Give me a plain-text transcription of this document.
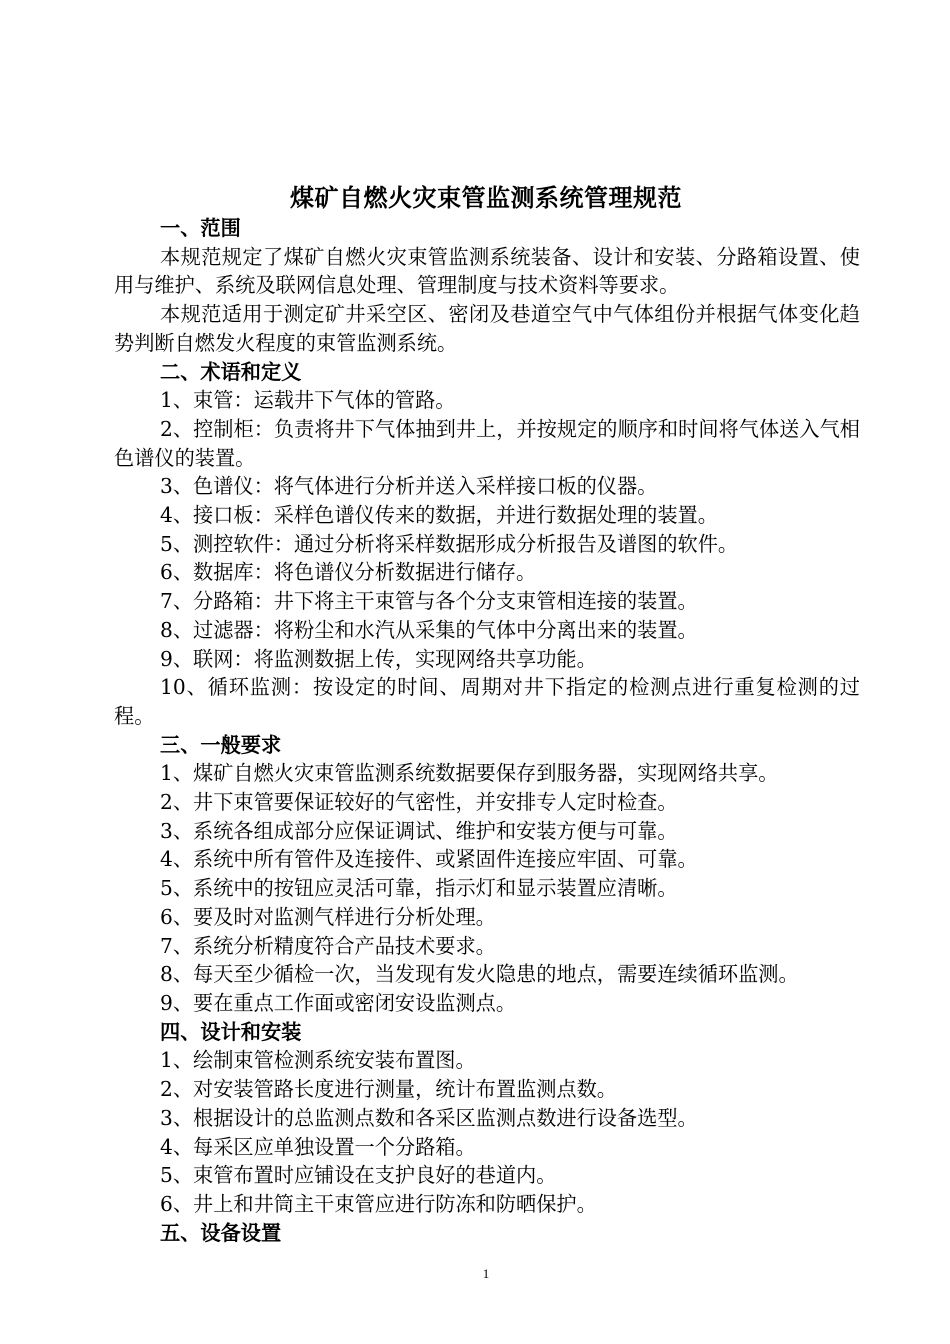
煤矿自燃火灾束管监测系统管理规范

一、范围

本规范规定了煤矿自燃火灾束管监测系统装备、设计和安装、分路箱设置、使用与维护、系统及联网信息处理、管理制度与技术资料等要求。

本规范适用于测定矿井采空区、密闭及巷道空气中气体组份并根据气体变化趋势判断自燃发火程度的束管监测系统。

二、术语和定义

1、束管：运载井下气体的管路。

2、控制柜：负责将井下气体抽到井上，并按规定的顺序和时间将气体送入气相色谱仪的装置。

3、色谱仪：将气体进行分析并送入采样接口板的仪器。

4、接口板：采样色谱仪传来的数据，并进行数据处理的装置。

5、测控软件：通过分析将采样数据形成分析报告及谱图的软件。

6、数据库：将色谱仪分析数据进行储存。

7、分路箱：井下将主干束管与各个分支束管相连接的装置。

8、过滤器：将粉尘和水汽从采集的气体中分离出来的装置。

9、联网：将监测数据上传，实现网络共享功能。

10、循环监测：按设定的时间、周期对井下指定的检测点进行重复检测的过程。

三、一般要求

1、煤矿自燃火灾束管监测系统数据要保存到服务器，实现网络共享。

2、井下束管要保证较好的气密性，并安排专人定时检查。

3、系统各组成部分应保证调试、维护和安装方便与可靠。

4、系统中所有管件及连接件、或紧固件连接应牢固、可靠。

5、系统中的按钮应灵活可靠，指示灯和显示装置应清晰。

6、要及时对监测气样进行分析处理。

7、系统分析精度符合产品技术要求。

8、每天至少循检一次，当发现有发火隐患的地点，需要连续循环监测。

9、要在重点工作面或密闭安设监测点。

四、设计和安装

1、绘制束管检测系统安装布置图。

2、对安装管路长度进行测量，统计布置监测点数。

3、根据设计的总监测点数和各采区监测点数进行设备选型。

4、每采区应单独设置一个分路箱。

5、束管布置时应铺设在支护良好的巷道内。

6、井上和井筒主干束管应进行防冻和防晒保护。

五、设备设置

1
